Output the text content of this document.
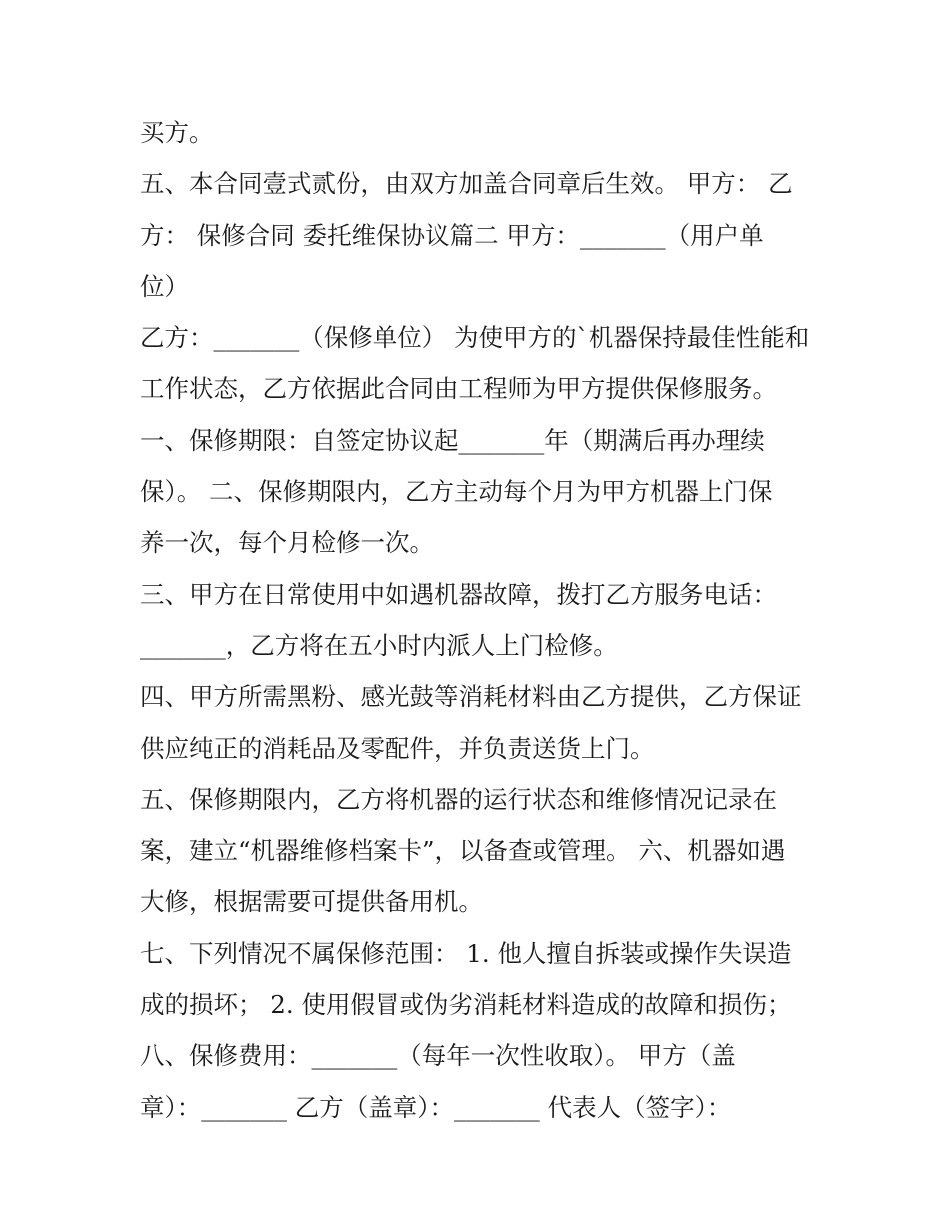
买方。
五、本合同壹式贰份，由双方加盖合同章后生效。 甲方： 乙
方： 保修合同 委托维保协议篇二 甲方：_______（用户单
位）
乙方：_______（保修单位） 为使甲方的`机器保持最佳性能和
工作状态，乙方依据此合同由工程师为甲方提供保修服务。
一、保修期限：自签定协议起_______年（期满后再办理续
保）。 二、保修期限内，乙方主动每个月为甲方机器上门保
养一次，每个月检修一次。
三、甲方在日常使用中如遇机器故障，拨打乙方服务电话：
_______，乙方将在五小时内派人上门检修。
四、甲方所需黑粉、感光鼓等消耗材料由乙方提供，乙方保证
供应纯正的消耗品及零配件，并负责送货上门。
五、保修期限内，乙方将机器的运行状态和维修情况记录在
案，建立“机器维修档案卡”，以备查或管理。 六、机器如遇
大修，根据需要可提供备用机。
七、下列情况不属保修范围： 1. 他人擅自拆装或操作失误造
成的损坏； 2. 使用假冒或伪劣消耗材料造成的故障和损伤；
八、保修费用：_______（每年一次性收取）。 甲方（盖
章）：_______ 乙方（盖章）：_______ 代表人（签字）：
